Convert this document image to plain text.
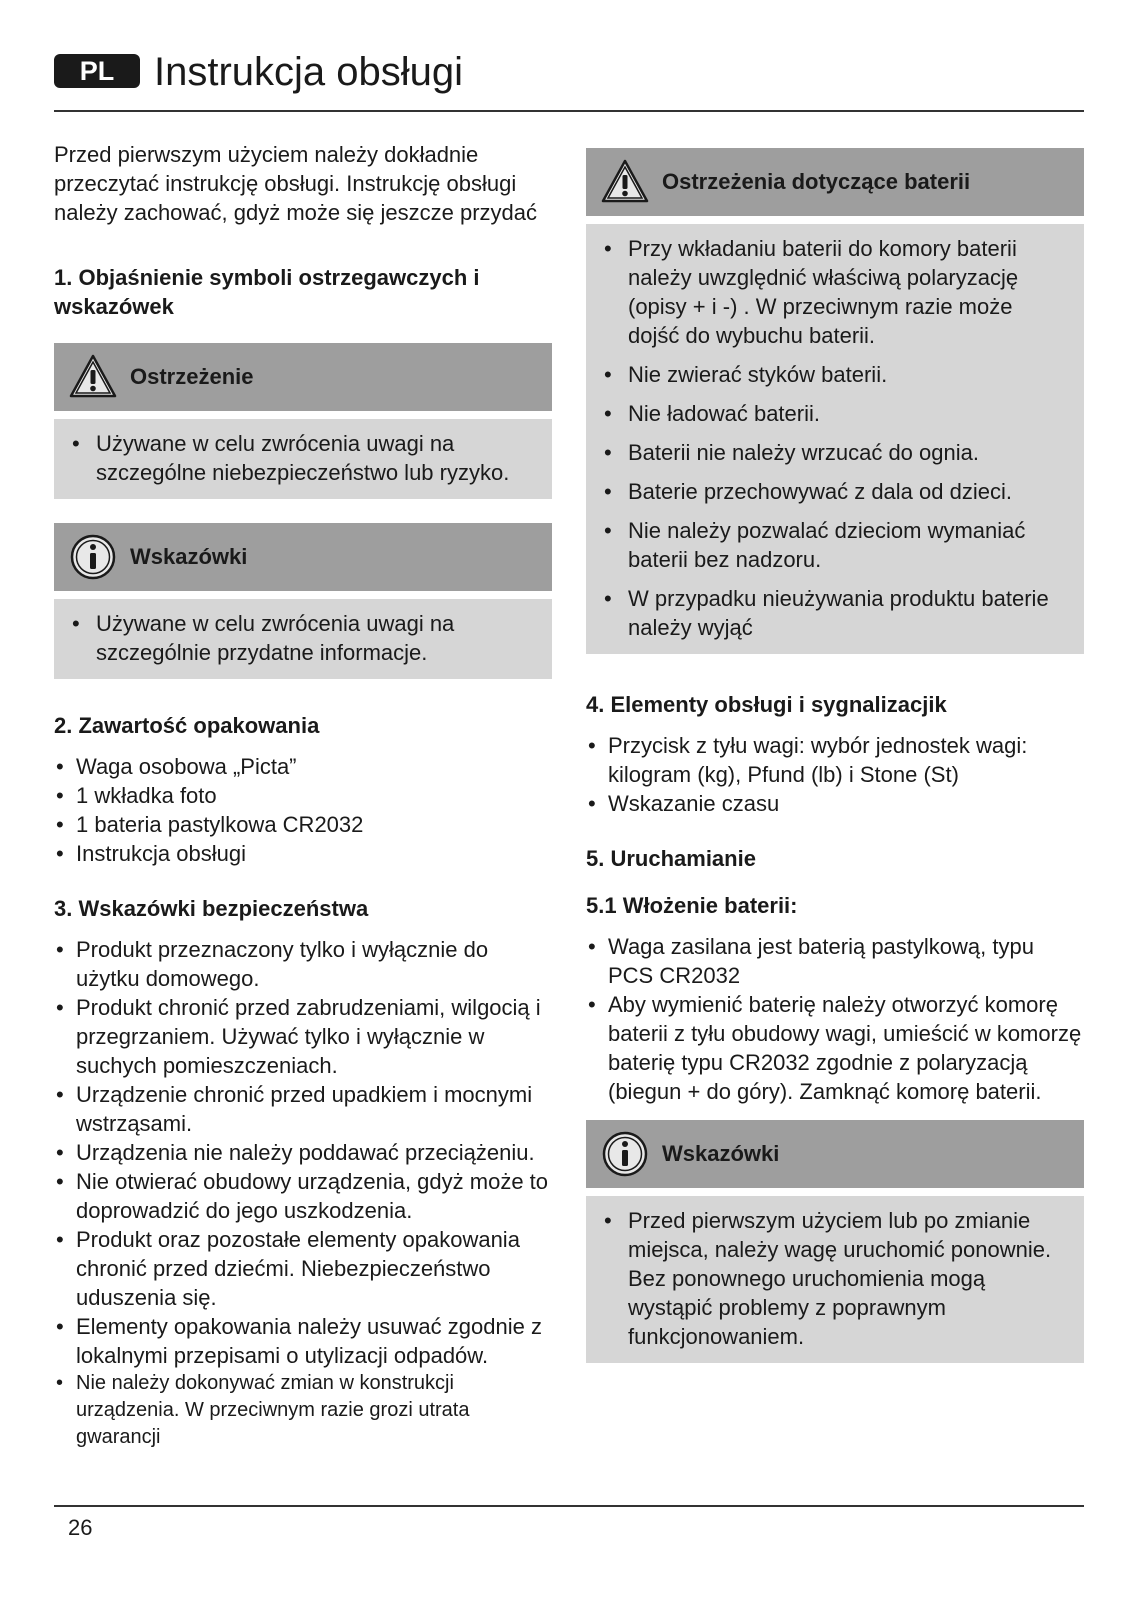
PL Instrukcja obsługi

Przed pierwszym użyciem należy dokładnie przeczytać instrukcję obsługi. Instrukcję obsługi należy zachować, gdyż może się jeszcze przydać

1. Objaśnienie symboli ostrzegawczych i wskazówek
Ostrzeżenie
• Używane w celu zwrócenia uwagi na szczególne niebezpieczeństwo lub ryzyko.
Wskazówki
• Używane w celu zwrócenia uwagi na szczególnie przydatne informacje.
2. Zawartość opakowania
• Waga osobowa „Picta”
• 1 wkładka foto
• 1 bateria pastylkowa CR2032
• Instrukcja obsługi
3. Wskazówki bezpieczeństwa
• Produkt przeznaczony tylko i wyłącznie do użytku domowego.
• Produkt chronić przed zabrudzeniami, wilgocią i przegrzaniem. Używać tylko i wyłącznie w suchych pomieszczeniach.
• Urządzenie chronić przed upadkiem i mocnymi wstrząsami.
• Urządzenia nie należy poddawać przeciążeniu.
• Nie otwierać obudowy urządzenia, gdyż może to doprowadzić do jego uszkodzenia.
• Produkt oraz pozostałe elementy opakowania chronić przed dziećmi. Niebezpieczeństwo uduszenia się.
• Elementy opakowania należy usuwać zgodnie z lokalnymi przepisami o utylizacji odpadów.
• Nie należy dokonywać zmian w konstrukcji urządzenia. W przeciwnym razie grozi utrata gwarancji
Ostrzeżenia dotyczące baterii
• Przy wkładaniu baterii do komory baterii należy uwzględnić właściwą polaryzację (opisy + i -) . W przeciwnym razie może dojść do wybuchu baterii.
• Nie zwierać styków baterii.
• Nie ładować baterii.
• Baterii nie należy wrzucać do ognia.
• Baterie przechowywać z dala od dzieci.
• Nie należy pozwalać dzieciom wymaniać baterii bez nadzoru.
• W przypadku nieużywania produktu baterie należy wyjąć
4. Elementy obsługi i sygnalizacjik
• Przycisk z tyłu wagi: wybór jednostek wagi: kilogram (kg), Pfund (lb) i Stone (St)
• Wskazanie czasu
5. Uruchamianie
5.1 Włożenie baterii:
• Waga zasilana jest baterią pastylkową, typu PCS CR2032
• Aby wymienić baterię należy otworzyć komorę baterii z tyłu obudowy wagi, umieścić w komorzę baterię typu CR2032 zgodnie z polaryzacją (biegun + do góry). Zamknąć komorę baterii.
Wskazówki
• Przed pierwszym użyciem lub po zmianie miejsca, należy wagę uruchomić ponownie. Bez ponownego uruchomienia mogą wystąpić problemy z poprawnym funkcjonowaniem.
26
